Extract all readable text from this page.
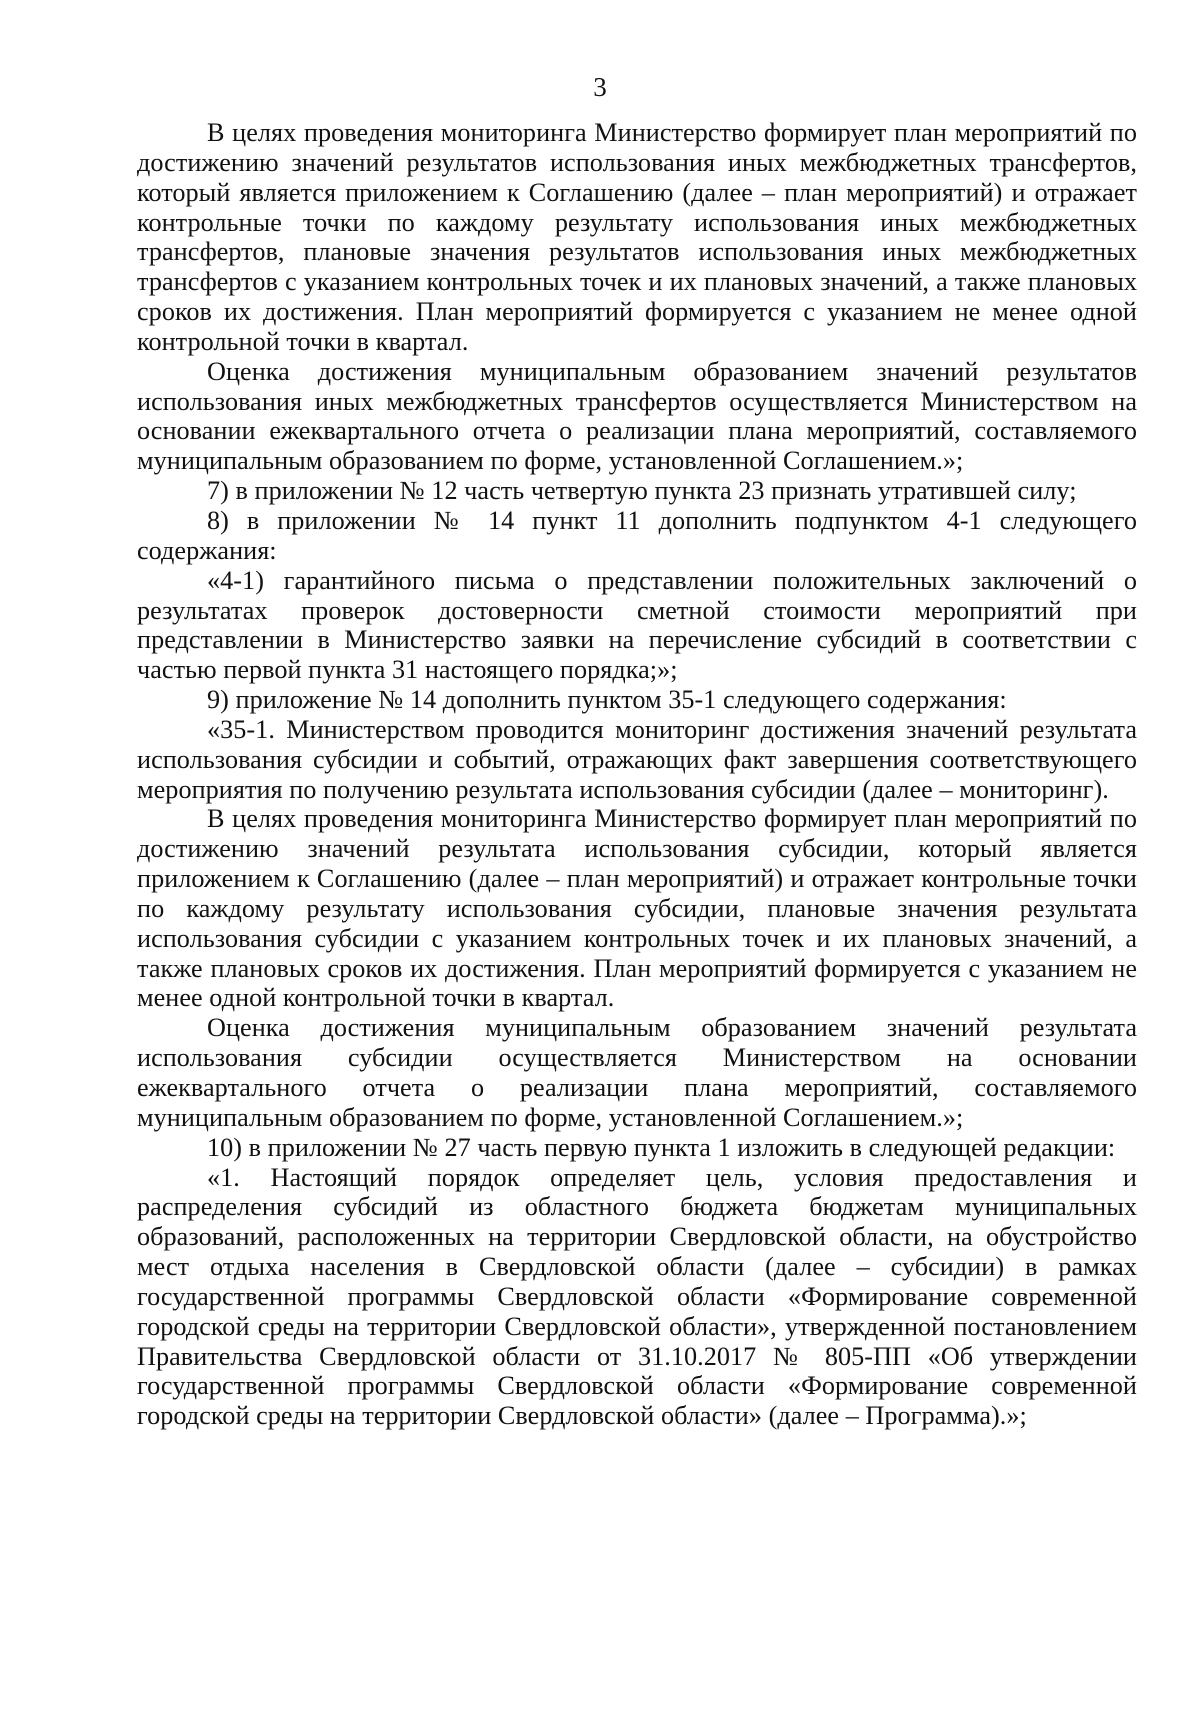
3

В целях проведения мониторинга Министерство формирует план мероприятий по достижению значений результатов использования иных межбюджетных трансфертов, который является приложением к Соглашению (далее – план мероприятий) и отражает контрольные точки по каждому результату использования иных межбюджетных трансфертов, плановые значения результатов использования иных межбюджетных трансфертов с указанием контрольных точек и их плановых значений, а также плановых сроков их достижения. План мероприятий формируется с указанием не менее одной контрольной точки в квартал.

Оценка достижения муниципальным образованием значений результатов использования иных межбюджетных трансфертов осуществляется Министерством на основании ежеквартального отчета о реализации плана мероприятий, составляемого муниципальным образованием по форме, установленной Соглашением.»;

7) в приложении № 12 часть четвертую пункта 23 признать утратившей силу;

8) в приложении № 14 пункт 11 дополнить подпунктом 4-1 следующего содержания:

«4-1) гарантийного письма о представлении положительных заключений о результатах проверок достоверности сметной стоимости мероприятий при представлении в Министерство заявки на перечисление субсидий в соответствии с частью первой пункта 31 настоящего порядка;»;

9) приложение № 14 дополнить пунктом 35-1 следующего содержания:

«35-1. Министерством проводится мониторинг достижения значений результата использования субсидии и событий, отражающих факт завершения соответствующего мероприятия по получению результата использования субсидии (далее – мониторинг).

В целях проведения мониторинга Министерство формирует план мероприятий по достижению значений результата использования субсидии, который является приложением к Соглашению (далее – план мероприятий) и отражает контрольные точки по каждому результату использования субсидии, плановые значения результата использования субсидии с указанием контрольных точек и их плановых значений, а также плановых сроков их достижения. План мероприятий формируется с указанием не менее одной контрольной точки в квартал.

Оценка достижения муниципальным образованием значений результата использования субсидии осуществляется Министерством на основании ежеквартального отчета о реализации плана мероприятий, составляемого муниципальным образованием по форме, установленной Соглашением.»;

10) в приложении № 27 часть первую пункта 1 изложить в следующей редакции:

«1. Настоящий порядок определяет цель, условия предоставления и распределения субсидий из областного бюджета бюджетам муниципальных образований, расположенных на территории Свердловской области, на обустройство мест отдыха населения в Свердловской области (далее – субсидии) в рамках государственной программы Свердловской области «Формирование современной городской среды на территории Свердловской области», утвержденной постановлением Правительства Свердловской области от 31.10.2017 № 805-ПП «Об утверждении государственной программы Свердловской области «Формирование современной городской среды на территории Свердловской области» (далее – Программа).»;
